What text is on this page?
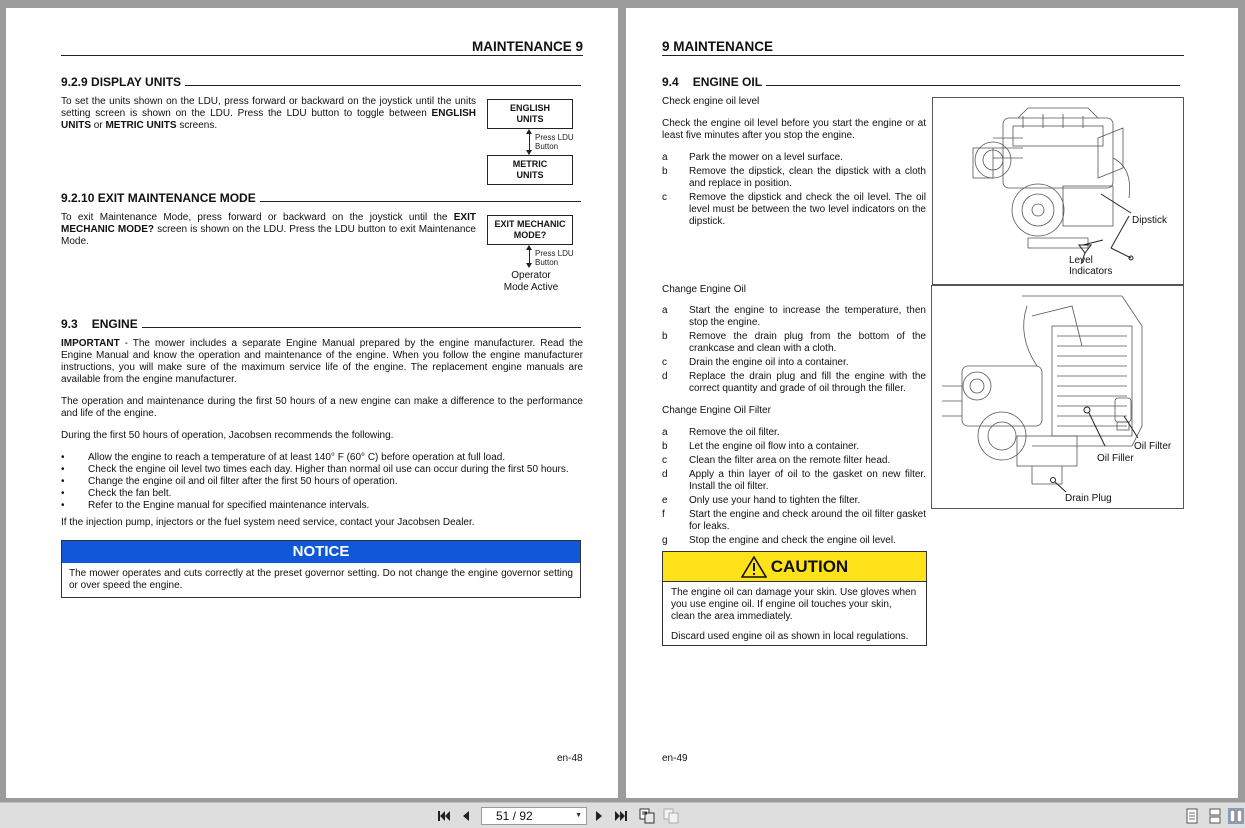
MAINTENANCE 9
9.2.9 DISPLAY UNITS
To set the units shown on the LDU, press forward or backward on the joystick until the units setting screen is shown on the LDU. Press the LDU button to toggle between ENGLISH UNITS or METRIC UNITS screens.
ENGLISH
UNITS
Press LDU
Button
METRIC
UNITS
9.2.10 EXIT MAINTENANCE MODE
To exit Maintenance Mode, press forward or backward on the joystick until the EXIT MECHANIC MODE? screen is shown on the LDU. Press the LDU button to exit Maintenance Mode.
EXIT MECHANIC
MODE?
Press LDU
Button
Operator
Mode Active
9.3 ENGINE
IMPORTANT - The mower includes a separate Engine Manual prepared by the engine manufacturer. Read the Engine Manual and know the operation and maintenance of the engine. When you follow the engine manufacturer instructions, you will make sure of the maximum service life of the engine. The replacement engine manuals are available from the engine manufacturer.
The operation and maintenance during the first 50 hours of a new engine can make a difference to the performance and life of the engine.
During the first 50 hours of operation, Jacobsen recommends the following.
•	Allow the engine to reach a temperature of at least 140° F (60° C) before operation at full load.
•	Check the engine oil level two times each day. Higher than normal oil use can occur during the first 50 hours.
•	Change the engine oil and oil filter after the first 50 hours of operation.
•	Check the fan belt.
•	Refer to the Engine manual for specified maintenance intervals.
If the injection pump, injectors or the fuel system need service, contact your Jacobsen Dealer.
NOTICE
The mower operates and cuts correctly at the preset governor setting. Do not change the engine governor setting or over speed the engine.
en-48
9 MAINTENANCE
9.4 ENGINE OIL
Check engine oil level
Check the engine oil level before you start the engine or at least five minutes after you stop the engine.
a	Park the mower on a level surface.
b	Remove the dipstick, clean the dipstick with a cloth and replace in position.
c	Remove the dipstick and check the oil level. The oil level must be between the two level indicators on the dipstick.
Change Engine Oil
a	Start the engine to increase the temperature, then stop the engine.
b	Remove the drain plug from the bottom of the crankcase and clean with a cloth.
c	Drain the engine oil into a container.
d	Replace the drain plug and fill the engine with the correct quantity and grade of oil through the filler.
Change Engine Oil Filter
a	Remove the oil filter.
b	Let the engine oil flow into a container.
c	Clean the filter area on the remote filter head.
d	Apply a thin layer of oil to the gasket on new filter. Install the oil filter.
e	Only use your hand to tighten the filter.
f	Start the engine and check around the oil filter gasket for leaks.
g	Stop the engine and check the engine oil level.
CAUTION
The engine oil can damage your skin. Use gloves when you use engine oil. If engine oil touches your skin, clean the area immediately.
Discard used engine oil as shown in local regulations.
Dipstick
Level
Indicators
Oil Filter
Oil Filler
Drain Plug
en-49
51 / 92	▼
